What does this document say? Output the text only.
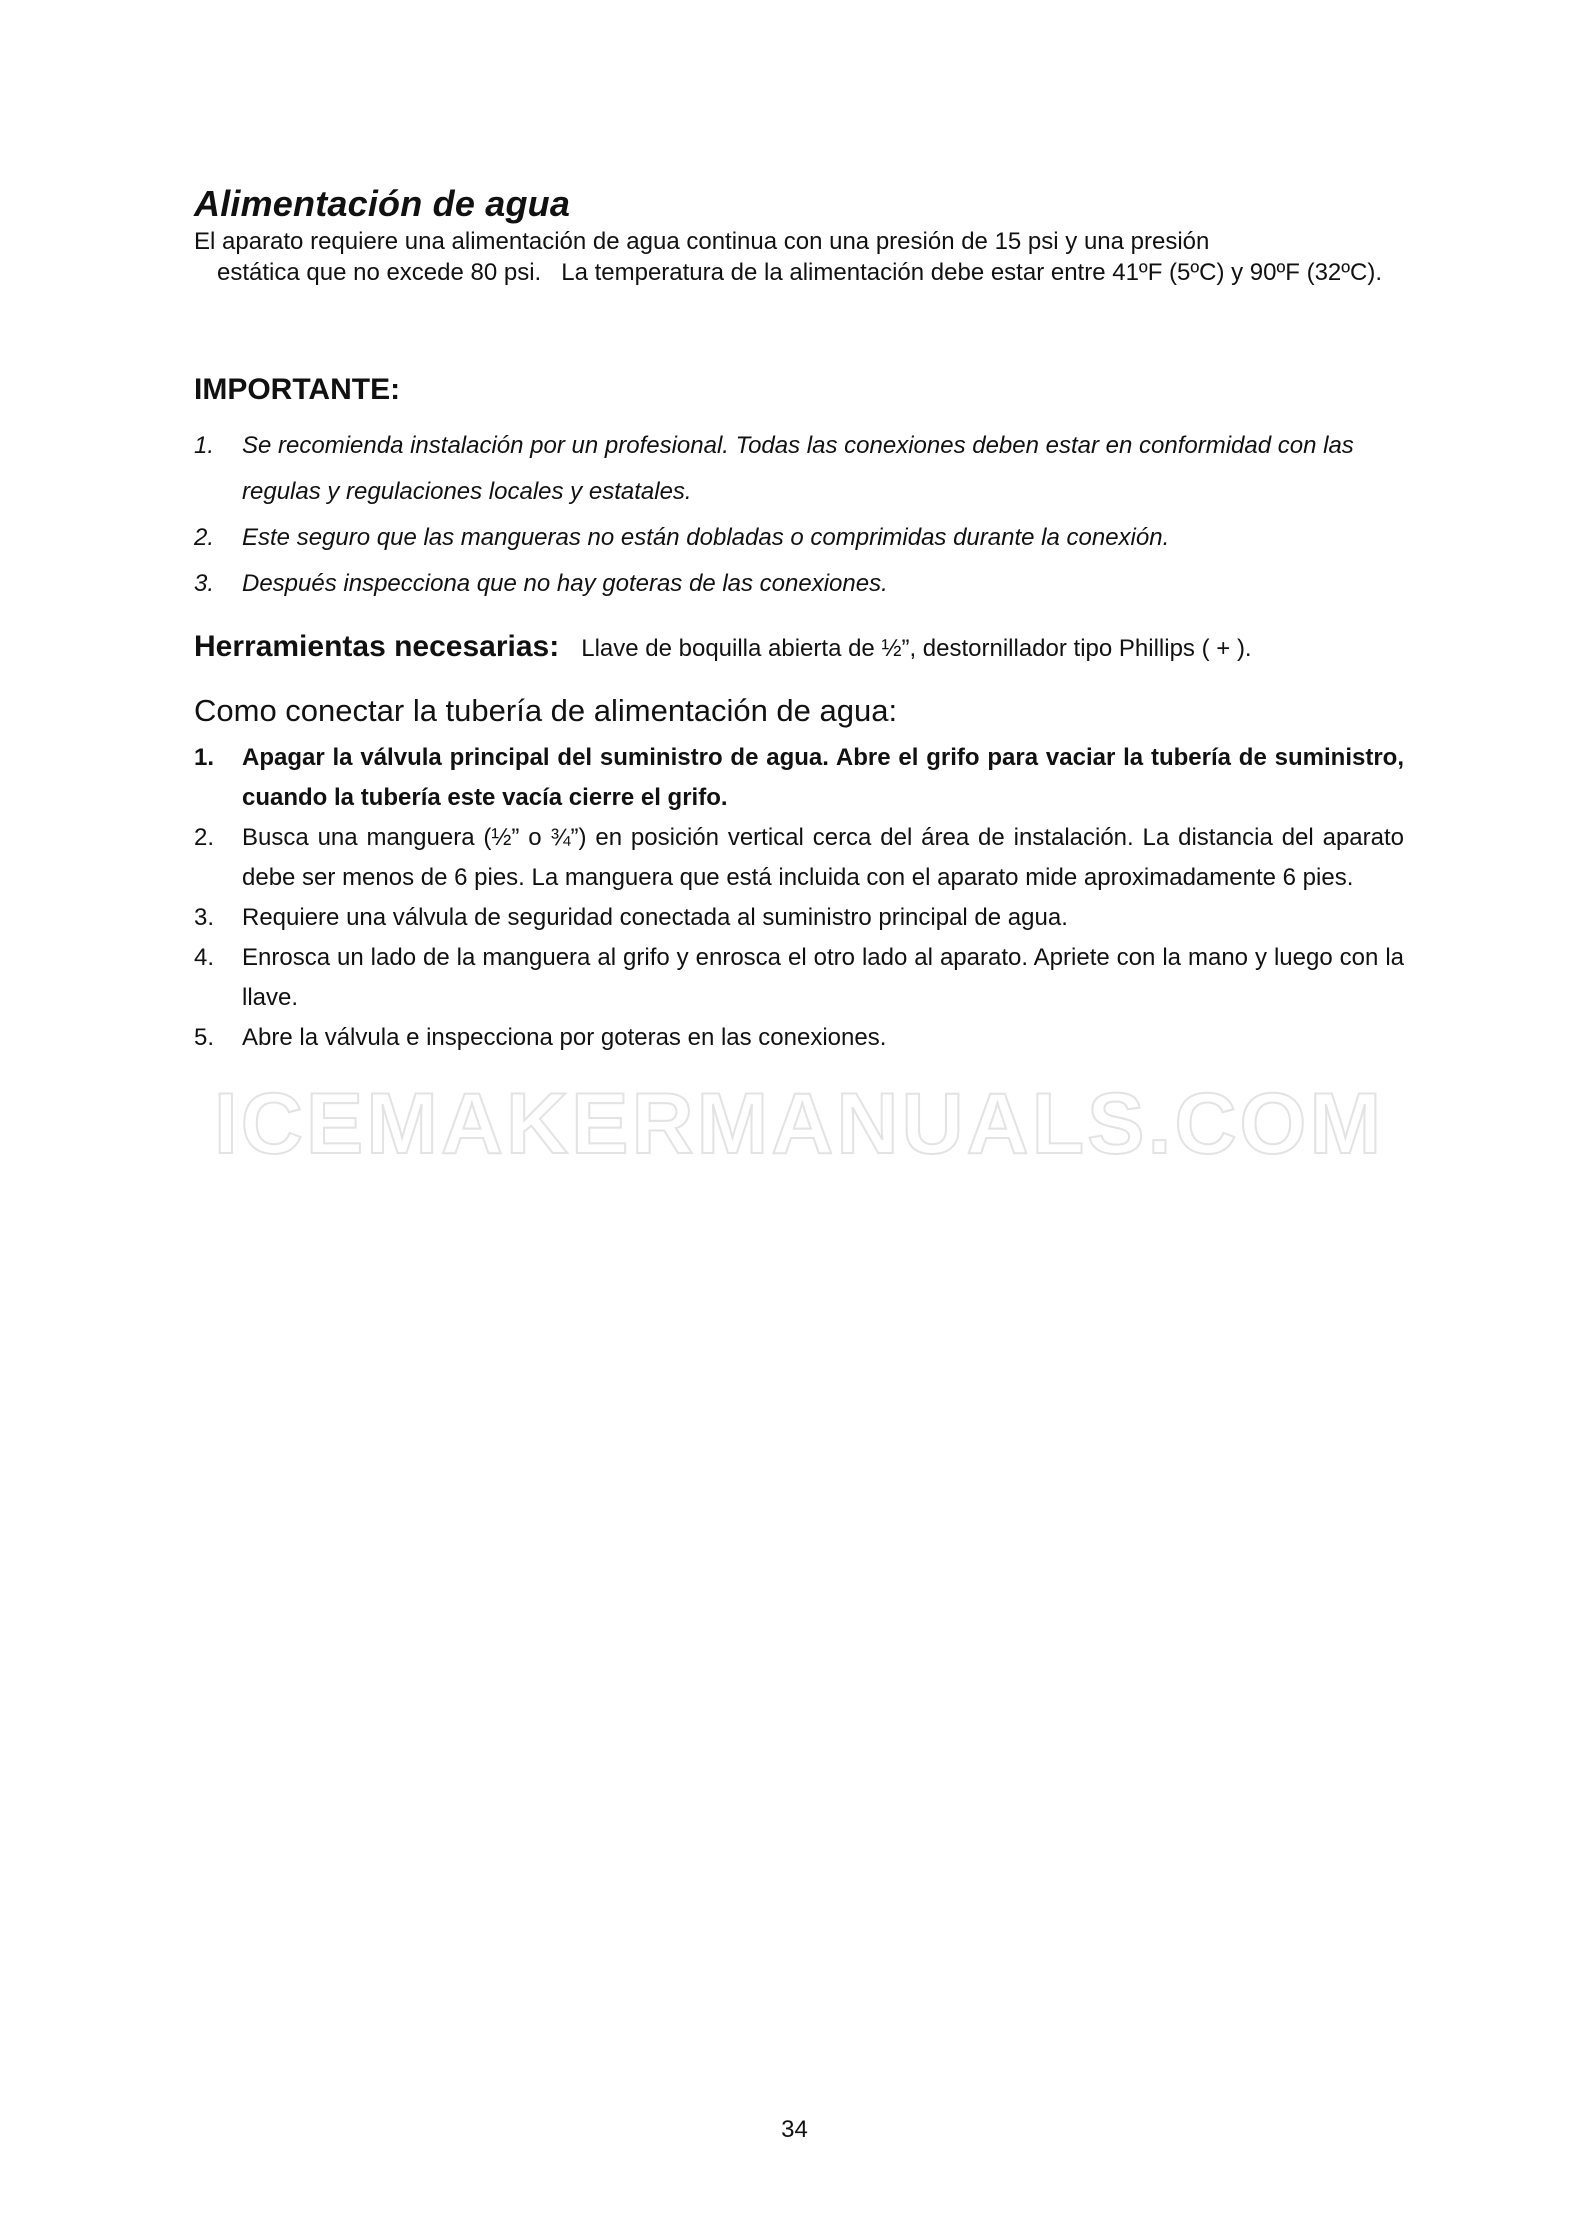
Alimentación de agua
El aparato requiere una alimentación de agua continua con una presión de 15 psi y una presión
estática que no excede 80 psi.   La temperatura de la alimentación debe estar entre 41ºF (5ºC) y 90ºF (32ºC).
IMPORTANTE:
1. Se recomienda instalación por un profesional. Todas las conexiones deben estar en conformidad con las regulas y regulaciones locales y estatales.
2. Este seguro que las mangueras no están dobladas o comprimidas durante la conexión.
3. Después inspecciona que no hay goteras de las conexiones.
Herramientas necesarias: Llave de boquilla abierta de ½”, destornillador tipo Phillips ( + ).
Como conectar la tubería de alimentación de agua:
1. Apagar la válvula principal del suministro de agua. Abre el grifo para vaciar la tubería de suministro, cuando la tubería este vacía cierre el grifo.
2. Busca una manguera (½” o ¾”) en posición vertical cerca del área de instalación. La distancia del aparato debe ser menos de 6 pies. La manguera que está incluida con el aparato mide aproximadamente 6 pies.
3. Requiere una válvula de seguridad conectada al suministro principal de agua.
4. Enrosca un lado de la manguera al grifo y enrosca el otro lado al aparato. Apriete con la mano y luego con la llave.
5. Abre la válvula e inspecciona por goteras en las conexiones.
ICEMAKERMANUALS.COM
34
